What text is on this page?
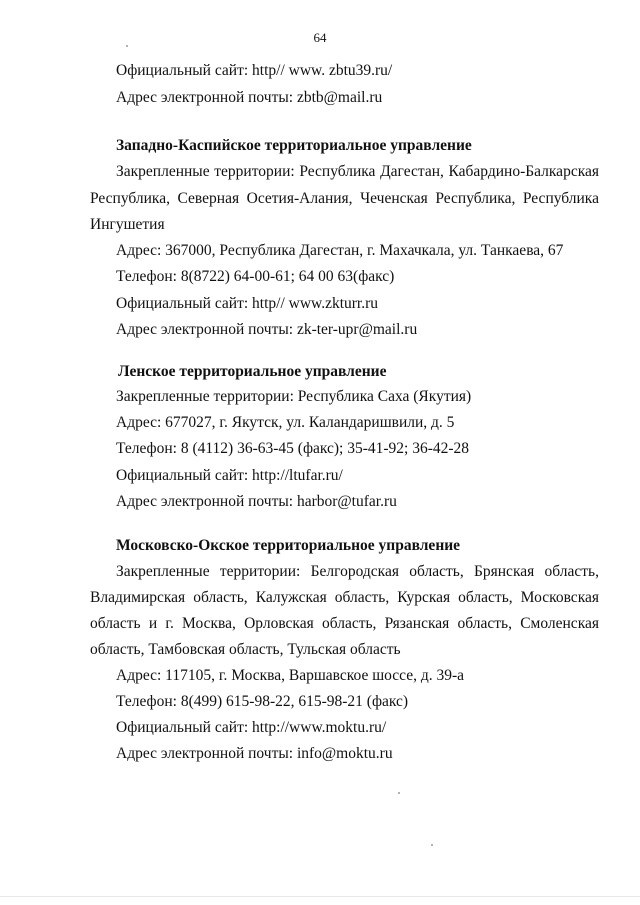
64
Официальный сайт: http// www. zbtu39.ru/
Адрес электронной почты: zbtb@mail.ru
Западно-Каспийское территориальное управление
Закрепленные территории: Республика Дагестан, Кабардино-Балкарская
Республика, Северная Осетия-Алания, Чеченская Республика, Республика
Ингушетия
Адрес: 367000, Республика Дагестан, г. Махачкала, ул. Танкаева, 67
Телефон: 8(8722) 64-00-61; 64 00 63(факс)
Официальный сайт: http// www.zkturr.ru
Адрес электронной почты: zk-ter-upr@mail.ru
Ленское территориальное управление
Закрепленные территории: Республика Саха (Якутия)
Адрес: 677027, г. Якутск, ул. Каландаришвили, д. 5
Телефон: 8 (4112) 36-63-45 (факс); 35-41-92; 36-42-28
Официальный сайт: http://ltufar.ru/
Адрес электронной почты: harbor@tufar.ru
Московско-Окское территориальное управление
Закрепленные территории: Белгородская область, Брянская область,
Владимирская область, Калужская область, Курская область, Московская
область и г. Москва, Орловская область, Рязанская область, Смоленская
область, Тамбовская область, Тульская область
Адрес: 117105, г. Москва, Варшавское шоссе, д. 39-а
Телефон: 8(499) 615-98-22, 615-98-21 (факс)
Официальный сайт: http://www.moktu.ru/
Адрес электронной почты: info@moktu.ru
